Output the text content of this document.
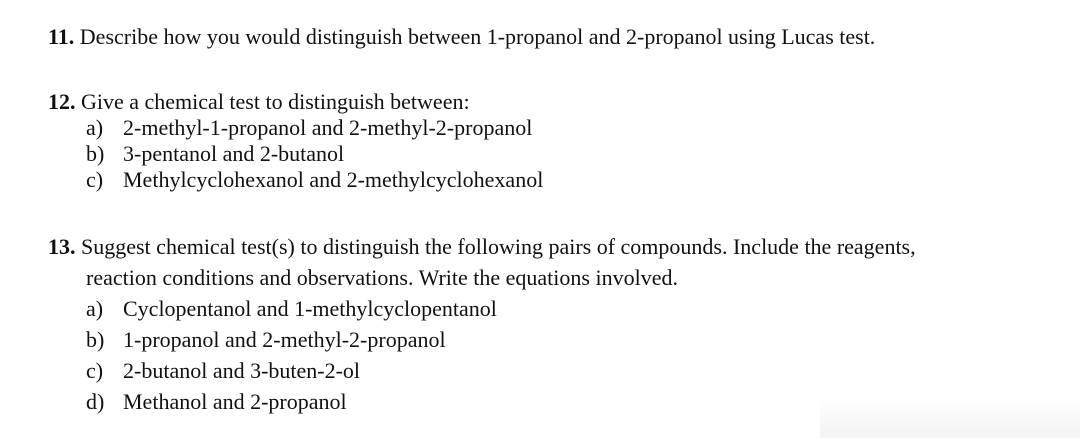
11. Describe how you would distinguish between 1-propanol and 2-propanol using Lucas test.
12. Give a chemical test to distinguish between:
a) 2-methyl-1-propanol and 2-methyl-2-propanol
b) 3-pentanol and 2-butanol
c) Methylcyclohexanol and 2-methylcyclohexanol
13. Suggest chemical test(s) to distinguish the following pairs of compounds. Include the reagents,
reaction conditions and observations. Write the equations involved.
a) Cyclopentanol and 1-methylcyclopentanol
b) 1-propanol and 2-methyl-2-propanol
c) 2-butanol and 3-buten-2-ol
d) Methanol and 2-propanol
